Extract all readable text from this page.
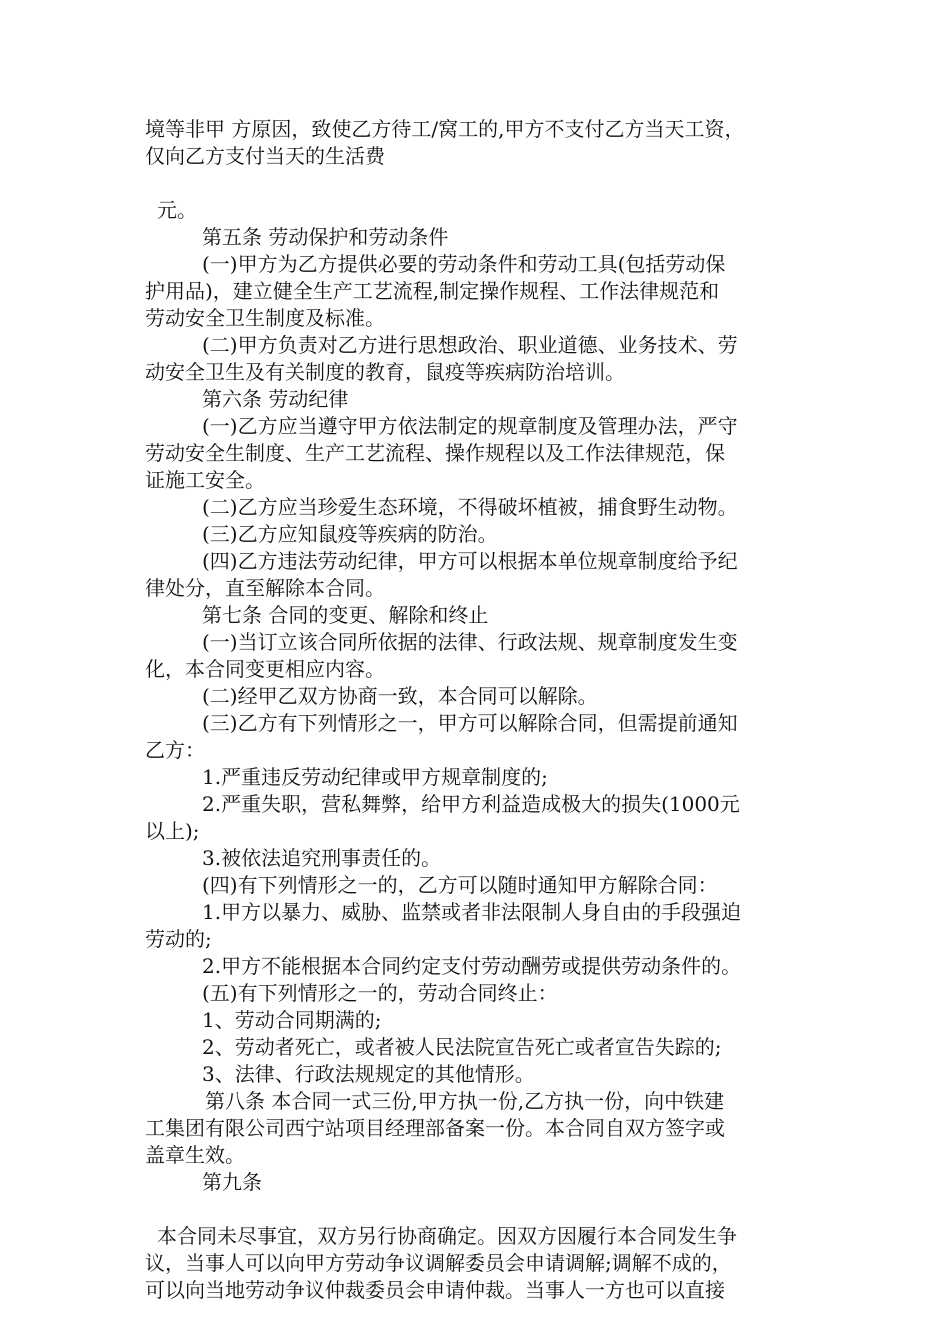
境等非甲 方原因，致使乙方待工/窝工的,甲方不支付乙方当天工资，
仅向乙方支付当天的生活费
元。
第五条 劳动保护和劳动条件
(一)甲方为乙方提供必要的劳动条件和劳动工具(包括劳动保
护用品)，建立健全生产工艺流程,制定操作规程、工作法律规范和
劳动安全卫生制度及标准。
(二)甲方负责对乙方进行思想政治、职业道德、业务技术、劳
动安全卫生及有关制度的教育，鼠疫等疾病防治培训。
第六条 劳动纪律
(一)乙方应当遵守甲方依法制定的规章制度及管理办法，严守
劳动安全生制度、生产工艺流程、操作规程以及工作法律规范，保
证施工安全。
(二)乙方应当珍爱生态环境，不得破坏植被，捕食野生动物。
(三)乙方应知鼠疫等疾病的防治。
(四)乙方违法劳动纪律，甲方可以根据本单位规章制度给予纪
律处分，直至解除本合同。
第七条 合同的变更、解除和终止
(一)当订立该合同所依据的法律、行政法规、规章制度发生变
化，本合同变更相应内容。
(二)经甲乙双方协商一致，本合同可以解除。
(三)乙方有下列情形之一，甲方可以解除合同，但需提前通知
乙方：
1.严重违反劳动纪律或甲方规章制度的;
2.严重失职，营私舞弊，给甲方利益造成极大的损失(1000元
以上);
3.被依法追究刑事责任的。
(四)有下列情形之一的，乙方可以随时通知甲方解除合同：
1.甲方以暴力、威胁、监禁或者非法限制人身自由的手段强迫
劳动的;
2.甲方不能根据本合同约定支付劳动酬劳或提供劳动条件的。
(五)有下列情形之一的，劳动合同终止：
1、劳动合同期满的;
2、劳动者死亡，或者被人民法院宣告死亡或者宣告失踪的;
3、法律、行政法规规定的其他情形。
第八条 本合同一式三份,甲方执一份,乙方执一份，向中铁建
工集团有限公司西宁站项目经理部备案一份。本合同自双方签字或
盖章生效。
第九条
本合同未尽事宜，双方另行协商确定。因双方因履行本合同发生争
议，当事人可以向甲方劳动争议调解委员会申请调解;调解不成的，
可以向当地劳动争议仲裁委员会申请仲裁。当事人一方也可以直接
